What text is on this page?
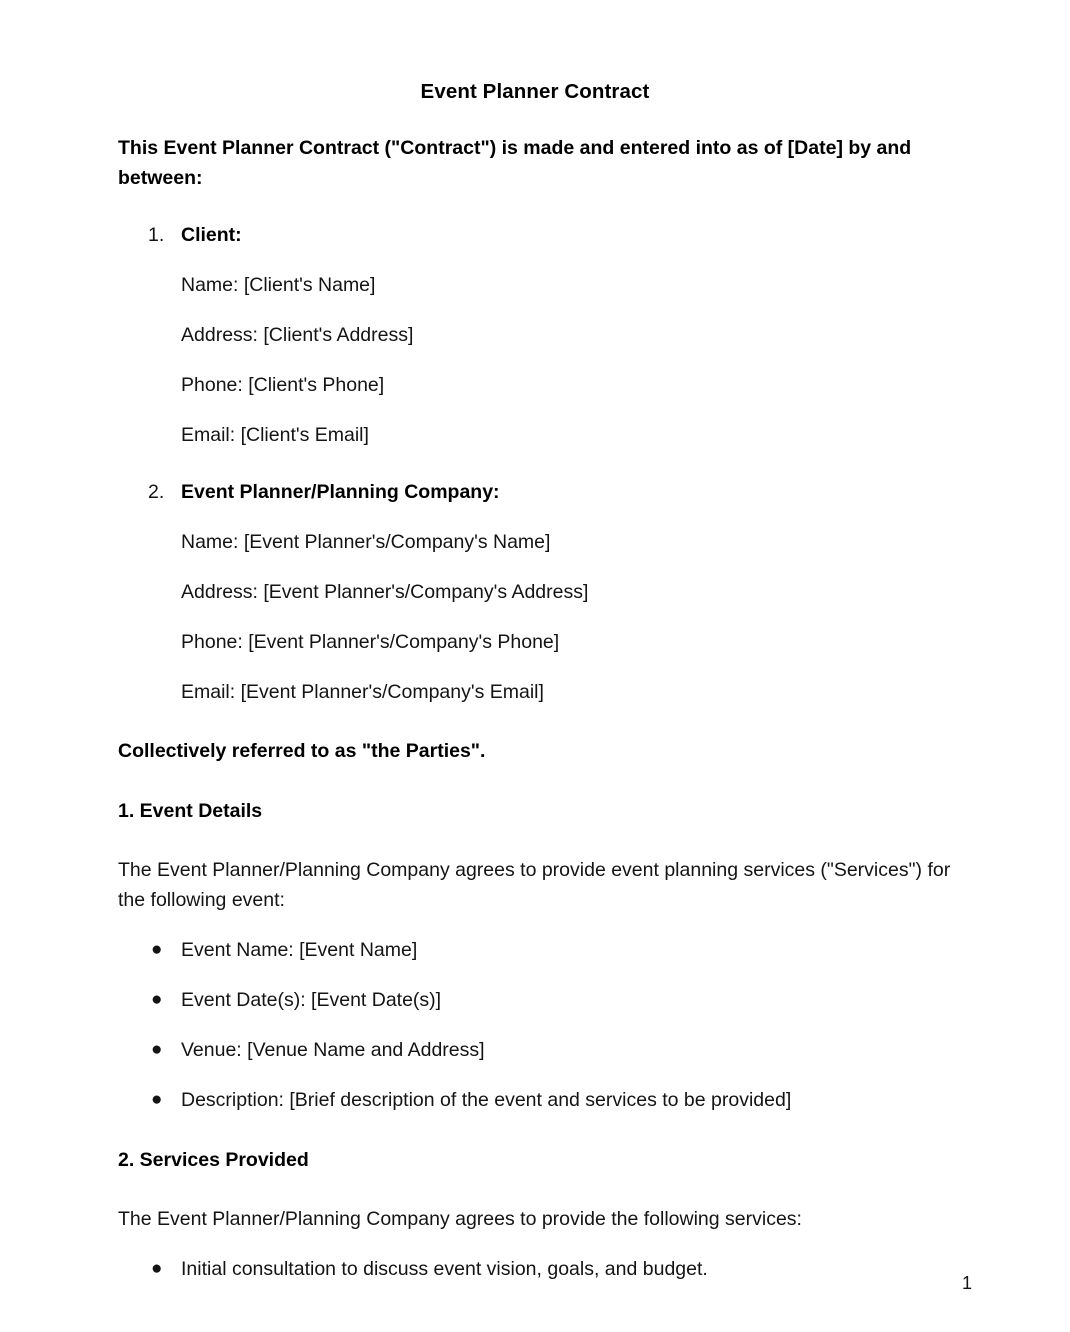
Event Planner Contract

This Event Planner Contract ("Contract") is made and entered into as of [Date] by and between:

1. Client:
Name: [Client's Name]
Address: [Client's Address]
Phone: [Client's Phone]
Email: [Client's Email]
2. Event Planner/Planning Company:
Name: [Event Planner's/Company's Name]
Address: [Event Planner's/Company's Address]
Phone: [Event Planner's/Company's Phone]
Email: [Event Planner's/Company's Email]

Collectively referred to as "the Parties".

1. Event Details

The Event Planner/Planning Company agrees to provide event planning services ("Services") for the following event:

● Event Name: [Event Name]
● Event Date(s): [Event Date(s)]
● Venue: [Venue Name and Address]
● Description: [Brief description of the event and services to be provided]
2. Services Provided

The Event Planner/Planning Company agrees to provide the following services:

● Initial consultation to discuss event vision, goals, and budget.
1
